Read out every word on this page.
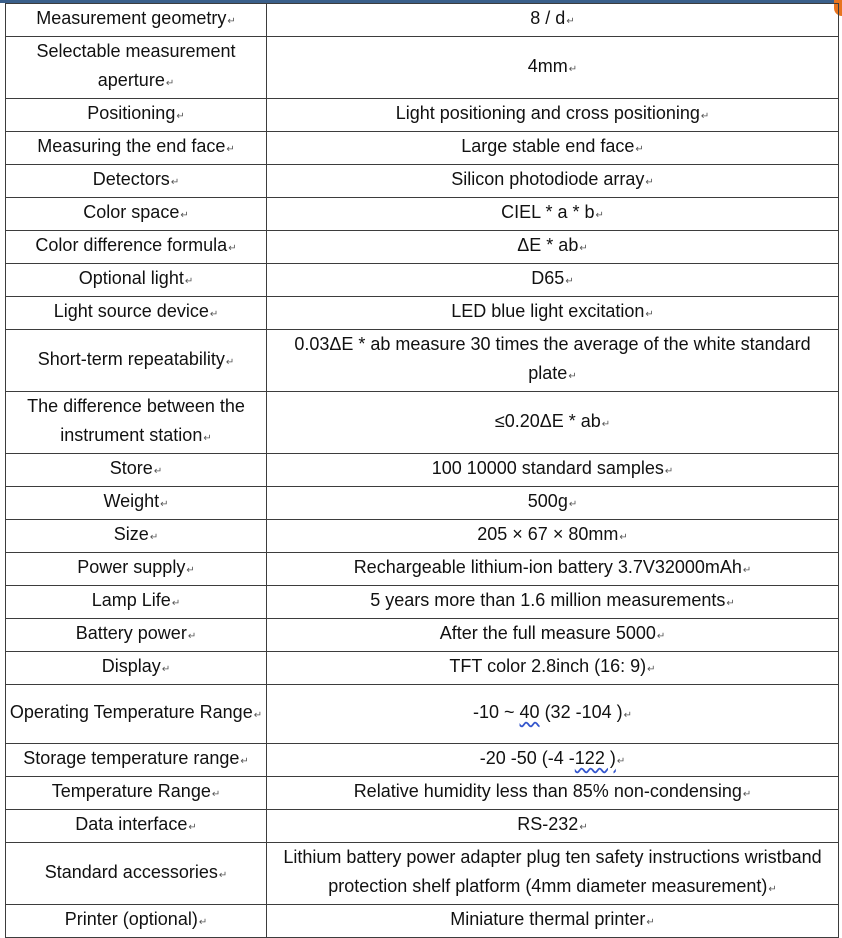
Measurement geometry↵	8 / d↵
Selectable measurement aperture↵	4mm↵
Positioning↵	Light positioning and cross positioning↵
Measuring the end face↵	Large stable end face↵
Detectors↵	Silicon photodiode array↵
Color space↵	CIEL * a * b↵
Color difference formula↵	ΔE * ab↵
Optional light↵	D65↵
Light source device↵	LED blue light excitation↵
Short-term repeatability↵	0.03ΔE * ab measure 30 times the average of the white standard plate↵
The difference between the instrument station↵	≤0.20ΔE * ab↵
Store↵	100 10000 standard samples↵
Weight↵	500g↵
Size↵	205 × 67 × 80mm↵
Power supply↵	Rechargeable lithium-ion battery 3.7V32000mAh↵
Lamp Life↵	5 years more than 1.6 million measurements↵
Battery power↵	After the full measure 5000↵
Display↵	TFT color 2.8inch (16: 9)↵
Operating Temperature Range↵	-10 ~ 40 (32 -104 )↵
Storage temperature range↵	-20 -50 (-4 -122 )↵
Temperature Range↵	Relative humidity less than 85% non-condensing↵
Data interface↵	RS-232↵
Standard accessories↵	Lithium battery power adapter plug ten safety instructions wristband protection shelf platform (4mm diameter measurement)↵
Printer (optional)↵	Miniature thermal printer↵
